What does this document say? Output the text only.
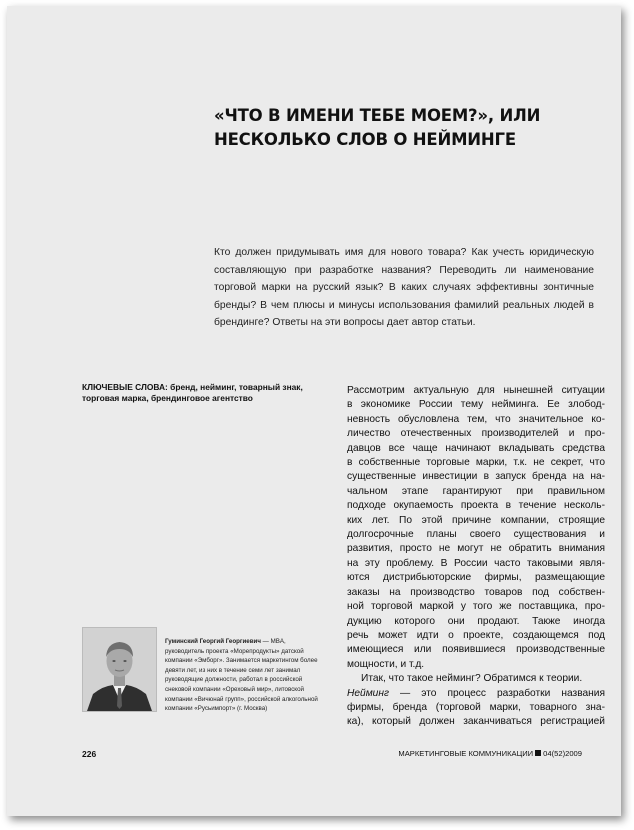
«ЧТО В ИМЕНИ ТЕБЕ МОЕМ?», ИЛИ НЕСКОЛЬКО СЛОВ О НЕЙМИНГЕ
Кто должен придумывать имя для нового товара? Как учесть юридическую составляющую при разработке названия? Переводить ли наименование торговой марки на русский язык? В каких случаях эффективны зонтичные бренды? В чем плюсы и минусы использования фамилий реальных людей в брендинге? Ответы на эти вопросы дает автор статьи.
КЛЮЧЕВЫЕ СЛОВА: бренд, нейминг, товарный знак, торговая марка, брендинговое агентство

Рассмотрим актуальную для нынешней ситуации
в экономике России тему нейминга. Ее злобод-
невность обусловлена тем, что значительное ко-
личество отечественных производителей и про-
давцов все чаще начинают вкладывать средства
в собственные торговые марки, т.к. не секрет, что
существенные инвестиции в запуск бренда на на-
чальном этапе гарантируют при правильном
подходе окупаемость проекта в течение несколь-
ких лет. По этой причине компании, строящие
долгосрочные планы своего существования и
развития, просто не могут не обратить внимания
на эту проблему. В России часто таковыми явля-
ются дистрибьюторские фирмы, размещающие
заказы на производство товаров под собствен-
ной торговой маркой у того же поставщика, про-
дукцию которого они продают. Также иногда
речь может идти о проекте, создающемся под
имеющиеся или появившиеся производственные
мощности, и т.д.

Итак, что такое нейминг? Обратимся к теории.
Нейминг — это процесс разработки названия
фирмы, бренда (торговой марки, товарного зна-
ка), который должен заканчиваться регистрацией

Гуминский Георгий Георгиевич — MBA, руководитель проекта «Морепродукты» датской компании «Эмборг». Занимается маркетингом более девяти лет, из них в течение семи лет занимал руководящие должности, работал в российской снековой компании «Ореховый мир», литовской компании «Вичюнай групп», российской алкогольной компании «Русьимпорт» (г. Москва)
226	МАРКЕТИНГОВЫЕ КОММУНИКАЦИИ 04(52)2009
